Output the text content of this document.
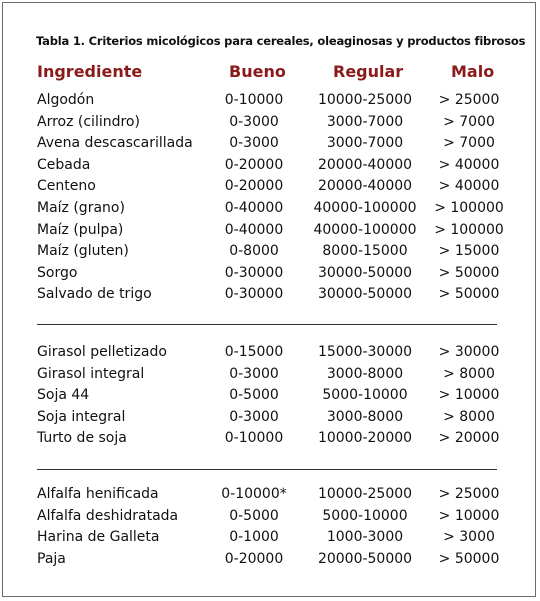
Tabla 1. Criterios micológicos para cereales, oleaginosas y productos fibrosos
Ingrediente	Bueno	Regular	Malo
Algodón	0-10000	10000-25000	> 25000
Arroz (cilindro)	0-3000	3000-7000	> 7000
Avena descascarillada	0-3000	3000-7000	> 7000
Cebada	0-20000	20000-40000	> 40000
Centeno	0-20000	20000-40000	> 40000
Maíz (grano)	0-40000	40000-100000	> 100000
Maíz (pulpa)	0-40000	40000-100000	> 100000
Maíz (gluten)	0-8000	8000-15000	> 15000
Sorgo	0-30000	30000-50000	> 50000
Salvado de trigo	0-30000	30000-50000	> 50000
Girasol pelletizado	0-15000	15000-30000	> 30000
Girasol integral	0-3000	3000-8000	> 8000
Soja 44	0-5000	5000-10000	> 10000
Soja integral	0-3000	3000-8000	> 8000
Turto de soja	0-10000	10000-20000	> 20000
Alfalfa henificada	0-10000*	10000-25000	> 25000
Alfalfa deshidratada	0-5000	5000-10000	> 10000
Harina de Galleta	0-1000	1000-3000	> 3000
Paja	0-20000	20000-50000	> 50000
